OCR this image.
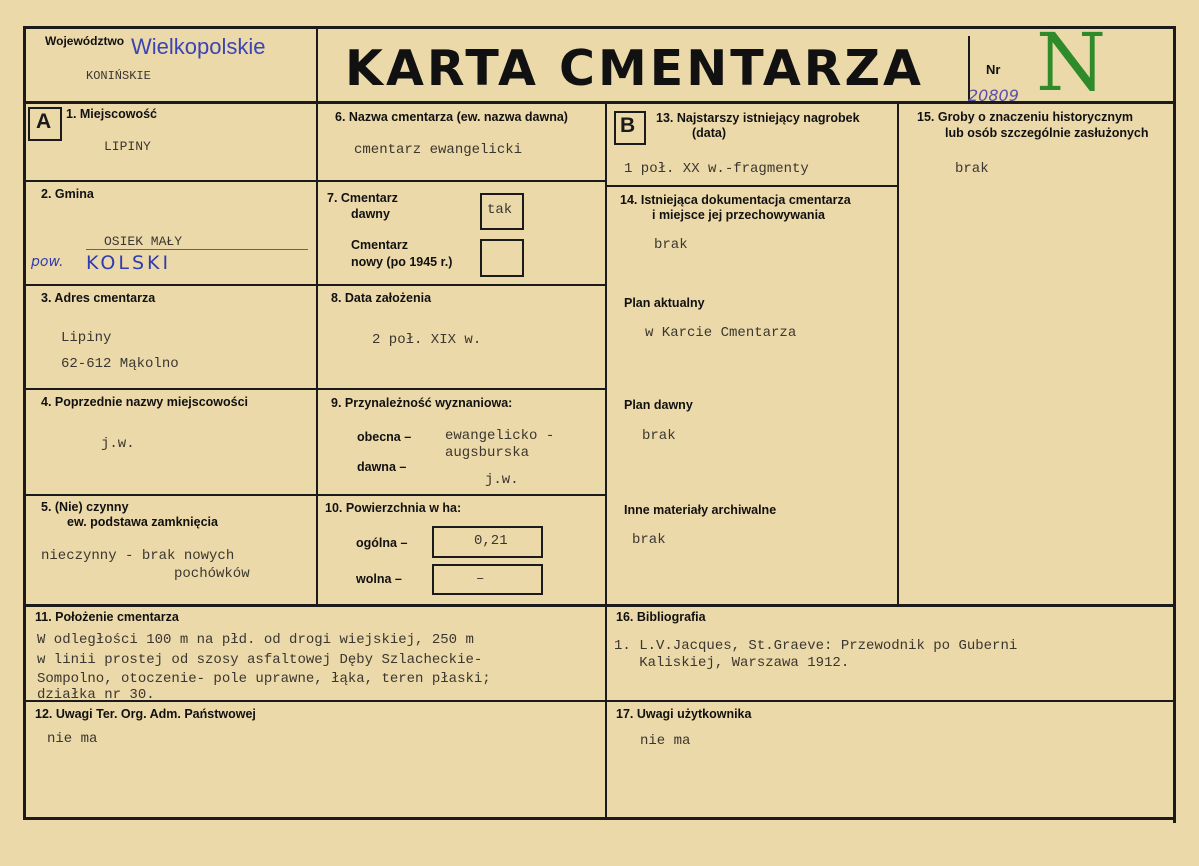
Województwo Wielkopolskie
KONIŃSKIE	KARTA CMENTARZA	Nr N
20809
A 1. Miejscowość
LIPINY
2. Gmina
OSIEK MAŁY
pow. KOLSKI
3. Adres cmentarza
Lipiny
62-612 Mąkolno
4. Poprzednie nazwy miejscowości
j.w.
5. (Nie) czynny
ew. podstawa zamknięcia
nieczynny - brak nowych
pochówków
6. Nazwa cmentarza (ew. nazwa dawna)
cmentarz ewangelicki
7. Cmentarz
dawny	tak
Cmentarz
nowy (po 1945 r.)
8. Data założenia
2 poł. XIX w.
9. Przynależność wyznaniowa:
obecna – ewangelicko -
augsburska
dawna –
j.w.
10. Powierzchnia w ha:
ogólna –	0,21
wolna –	–
B 13. Najstarszy istniejący nagrobek
(data)
1 poł. XX w.-fragmenty
14. Istniejąca dokumentacja cmentarza
i miejsce jej przechowywania
brak
Plan aktualny
w Karcie Cmentarza
Plan dawny
brak
Inne materiały archiwalne
brak
15. Groby o znaczeniu historycznym
lub osób szczególnie zasłużonych
brak
11. Położenie cmentarza
W odległości 100 m na płd. od drogi wiejskiej, 250 m
w linii prostej od szosy asfaltowej Dęby Szlacheckie-
Sompolno, otoczenie- pole uprawne, łąka, teren płaski;
działka nr 30.
16. Bibliografia
1. L.V.Jacques, St.Graeve: Przewodnik po Guberni
Kaliskiej, Warszawa 1912.
12. Uwagi Ter. Org. Adm. Państwowej
nie ma
17. Uwagi użytkownika
nie ma
